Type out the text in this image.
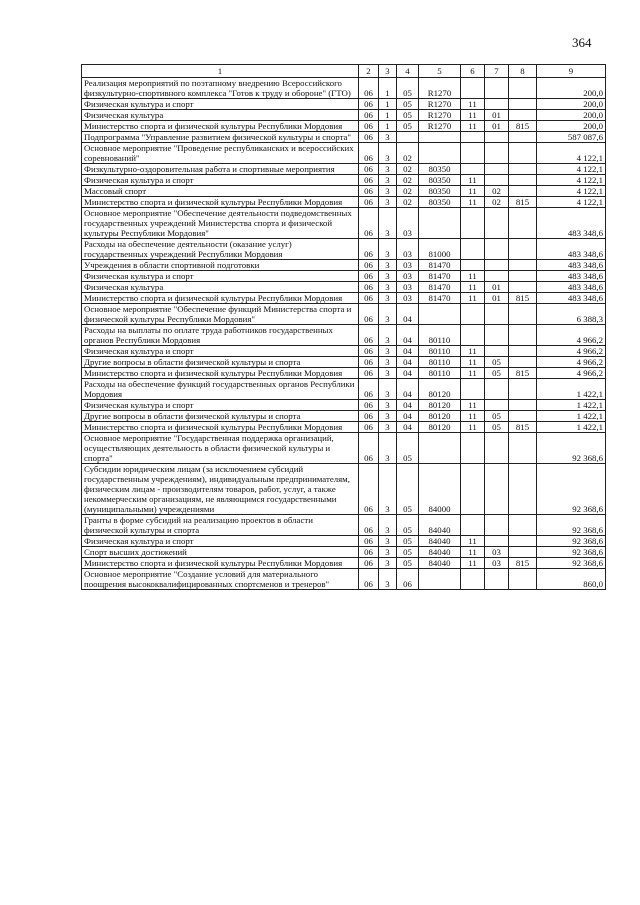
364
1	2	3	4	5	6	7	8	9
Реализация мероприятий по поэтапному внедрению Всероссийского физкультурно-спортивного комплекса "Готов к труду и обороне" (ГТО)	06	1	05	R1270				200,0
Физическая культура и спорт	06	1	05	R1270	11			200,0
Физическая культура	06	1	05	R1270	11	01		200,0
Министерство спорта и физической культуры Республики Мордовия	06	1	05	R1270	11	01	815	200,0
Подпрограмма "Управление развитием физической культуры и спорта"	06	3						587 087,6
Основное мероприятие "Проведение республиканских и всероссийских соревнований"	06	3	02					4 122,1
Физкультурно-оздоровительная работа и спортивные мероприятия	06	3	02	80350				4 122,1
Физическая культура и спорт	06	3	02	80350	11			4 122,1
Массовый спорт	06	3	02	80350	11	02		4 122,1
Министерство спорта и физической культуры Республики Мордовия	06	3	02	80350	11	02	815	4 122,1
Основное мероприятие "Обеспечение деятельности подведомственных государственных учреждений Министерства спорта и физической культуры Республики Мордовия"	06	3	03					483 348,6
Расходы на обеспечение деятельности (оказание услуг) государственных учреждений Республики Мордовия	06	3	03	81000				483 348,6
Учреждения в области спортивной подготовки	06	3	03	81470				483 348,6
Физическая культура и спорт	06	3	03	81470	11			483 348,6
Физическая культура	06	3	03	81470	11	01		483 348,6
Министерство спорта и физической культуры Республики Мордовия	06	3	03	81470	11	01	815	483 348,6
Основное мероприятие "Обеспечение функций Министерства спорта и физической культуры Республики Мордовия"	06	3	04					6 388,3
Расходы на выплаты по оплате труда работников государственных органов Республики Мордовия	06	3	04	80110				4 966,2
Физическая культура и спорт	06	3	04	80110	11			4 966,2
Другие вопросы в области физической культуры и спорта	06	3	04	80110	11	05		4 966,2
Министерство спорта и физической культуры Республики Мордовия	06	3	04	80110	11	05	815	4 966,2
Расходы на обеспечение функций государственных органов Республики Мордовия	06	3	04	80120				1 422,1
Физическая культура и спорт	06	3	04	80120	11			1 422,1
Другие вопросы в области физической культуры и спорта	06	3	04	80120	11	05		1 422,1
Министерство спорта и физической культуры Республики Мордовия	06	3	04	80120	11	05	815	1 422,1
Основное мероприятие "Государственная поддержка организаций, осуществляющих деятельность в области физической культуры и спорта"	06	3	05					92 368,6
Субсидии юридическим лицам (за исключением субсидий государственным учреждениям), индивидуальным предпринимателям, физическим лицам - производителям товаров, работ, услуг, а также некоммерческим организациям, не являющимся государственными (муниципальными) учреждениями	06	3	05	84000				92 368,6
Гранты в форме субсидий на реализацию проектов в области физической культуры и спорта	06	3	05	84040				92 368,6
Физическая культура и спорт	06	3	05	84040	11			92 368,6
Спорт высших достижений	06	3	05	84040	11	03		92 368,6
Министерство спорта и физической культуры Республики Мордовия	06	3	05	84040	11	03	815	92 368,6
Основное мероприятие "Создание условий для материального поощрения высококвалифицированных спортсменов и тренеров"	06	3	06					860,0
